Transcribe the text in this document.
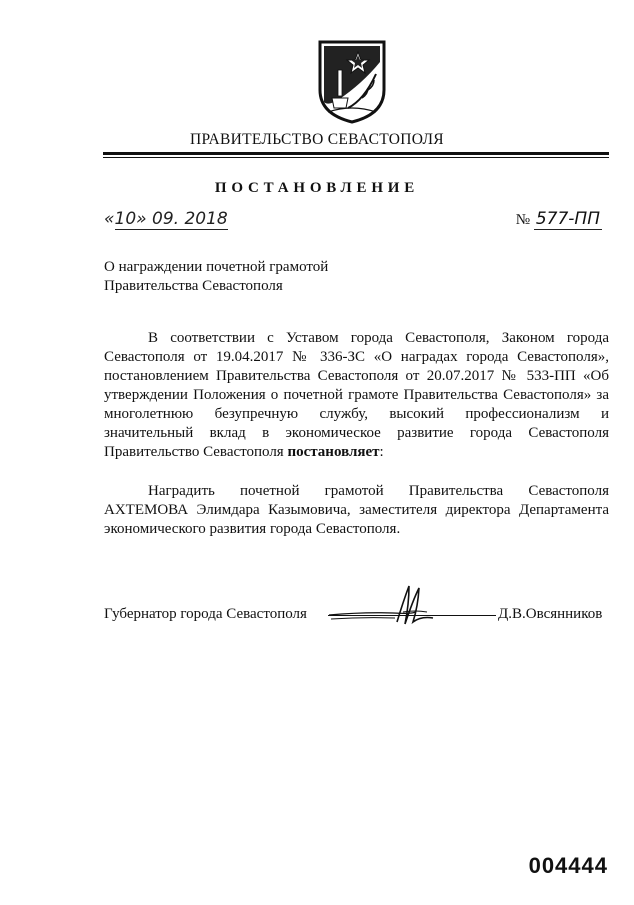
ПРАВИТЕЛЬСТВО СЕВАСТОПОЛЯ
ПОСТАНОВЛЕНИЕ
«10» 09. 2018	№ 577-ПП
О награждении почетной грамотой
Правительства Севастополя
В соответствии с Уставом города Севастополя, Законом города Севастополя от 19.04.2017 № 336-ЗС «О наградах города Севастополя», постановлением Правительства Севастополя от 20.07.2017 № 533-ПП «Об утверждении Положения о почетной грамоте Правительства Севастополя» за многолетнюю безупречную службу, высокий профессионализм и значительный вклад в экономическое развитие города Севастополя Правительство Севастополя постановляет:
Наградить почетной грамотой Правительства Севастополя АХТЕМОВА Элимдара Казымовича, заместителя директора Департамента экономического развития города Севастополя.
Губернатор города Севастополя	Д.В.Овсянников
004444
